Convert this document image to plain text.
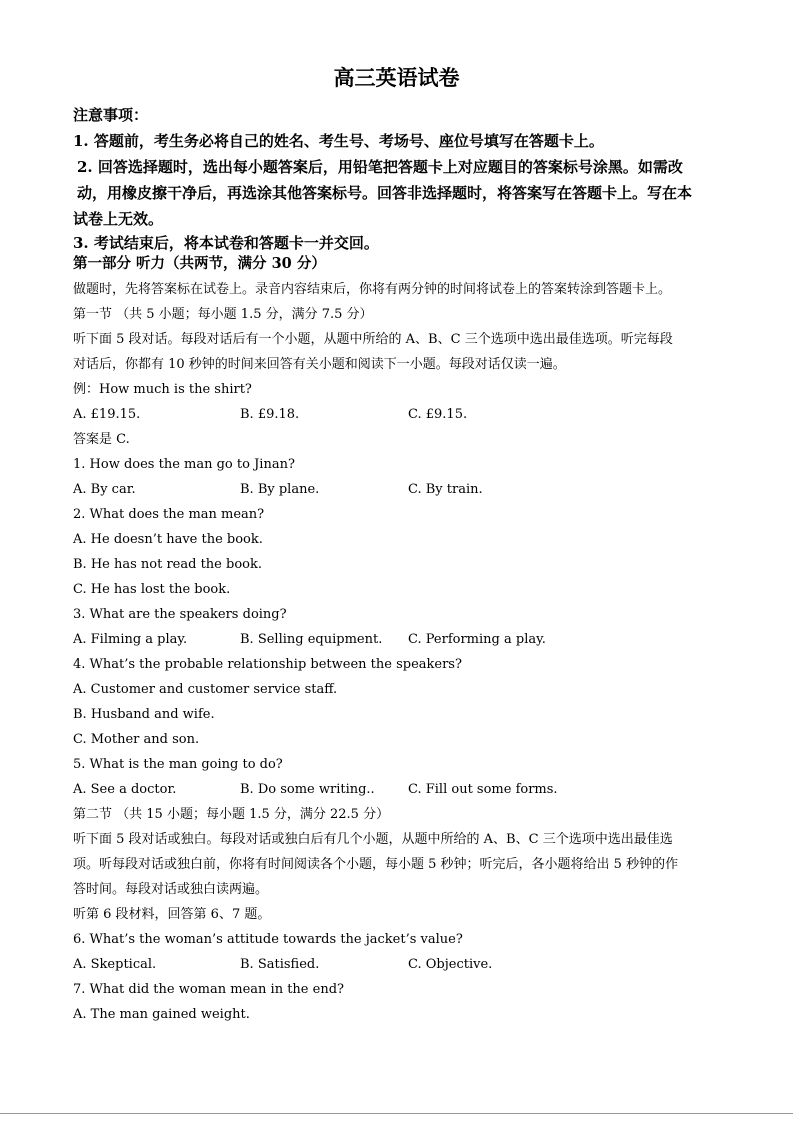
高三英语试卷
注意事项：
1. 答题前，考生务必将自己的姓名、考生号、考场号、座位号填写在答题卡上。
2. 回答选择题时，选出每小题答案后，用铅笔把答题卡上对应题目的答案标号涂黑。如需改
动，用橡皮擦干净后，再选涂其他答案标号。回答非选择题时，将答案写在答题卡上。写在本
试卷上无效。
3. 考试结束后，将本试卷和答题卡一并交回。
第一部分 听力（共两节，满分 30 分）
做题时，先将答案标在试卷上。录音内容结束后，你将有两分钟的时间将试卷上的答案转涂到答题卡上。
第一节 （共 5 小题；每小题 1.5 分，满分 7.5 分）
听下面 5 段对话。每段对话后有一个小题，从题中所给的 A、B、C 三个选项中选出最佳选项。听完每段
对话后，你都有 10 秒钟的时间来回答有关小题和阅读下一小题。每段对话仅读一遍。
例：How much is the shirt?
A. £19.15.	B. £9.18.	C. £9.15.
答案是 C.
1. How does the man go to Jinan?
A. By car.	B. By plane.	C. By train.
2. What does the man mean?
A. He doesn’t have the book.
B. He has not read the book.
C. He has lost the book.
3. What are the speakers doing?
A. Filming a play.	B. Selling equipment. C. Performing a play.
4. What’s the probable relationship between the speakers?
A. Customer and customer service staff.
B. Husband and wife.
C. Mother and son.
5. What is the man going to do?
A. See a doctor.	B. Do some writing..	C. Fill out some forms.
第二节 （共 15 小题；每小题 1.5 分，满分 22.5 分）
听下面 5 段对话或独白。每段对话或独白后有几个小题，从题中所给的 A、B、C 三个选项中选出最佳选
项。听每段对话或独白前，你将有时间阅读各个小题，每小题 5 秒钟；听完后，各小题将给出 5 秒钟的作
答时间。每段对话或独白读两遍。
听第 6 段材料，回答第 6、7 题。
6. What’s the woman’s attitude towards the jacket’s value?
A. Skeptical.	B. Satisfied.	C. Objective.
7. What did the woman mean in the end?
A. The man gained weight.
